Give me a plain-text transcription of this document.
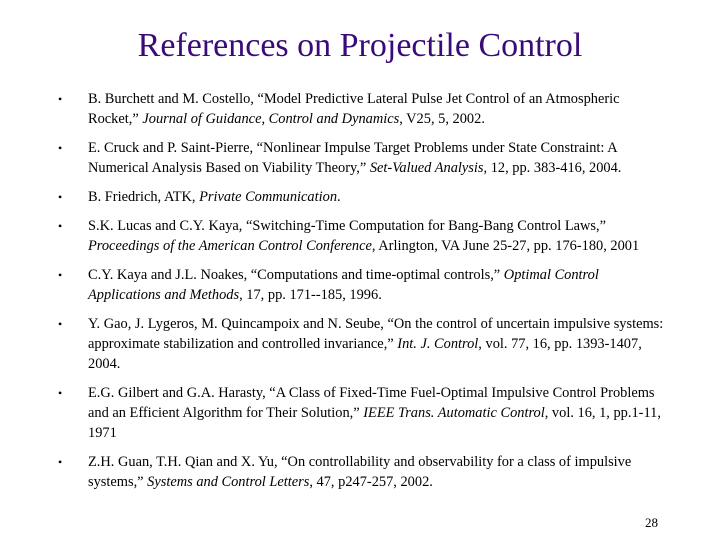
References on Projectile Control
• B. Burchett and M. Costello, “Model Predictive Lateral Pulse Jet Control of an Atmospheric Rocket,” Journal of Guidance, Control and Dynamics, V25, 5, 2002.
• E. Cruck and P. Saint-Pierre, “Nonlinear Impulse Target Problems under State Constraint: A Numerical Analysis Based on Viability Theory,” Set-Valued Analysis, 12, pp. 383-416, 2004.
• B. Friedrich, ATK, Private Communication.
• S.K. Lucas and C.Y. Kaya, “Switching-Time Computation for Bang-Bang Control Laws,” Proceedings of the American Control Conference, Arlington, VA June 25-27, pp. 176-180, 2001
• C.Y. Kaya and J.L. Noakes, “Computations and time-optimal controls,” Optimal Control Applications and Methods, 17, pp. 171--185, 1996.
• Y. Gao, J. Lygeros, M. Quincampoix and N. Seube, “On the control of uncertain impulsive systems: approximate stabilization and controlled invariance,” Int. J. Control, vol. 77, 16, pp. 1393-1407, 2004.
• E.G. Gilbert and G.A. Harasty, “A Class of Fixed-Time Fuel-Optimal Impulsive Control Problems and an Efficient Algorithm for Their Solution,” IEEE Trans. Automatic Control, vol. 16, 1, pp.1-11, 1971
• Z.H. Guan, T.H. Qian and X. Yu, “On controllability and observability for a class of impulsive systems,” Systems and Control Letters, 47, p247-257, 2002.
28
